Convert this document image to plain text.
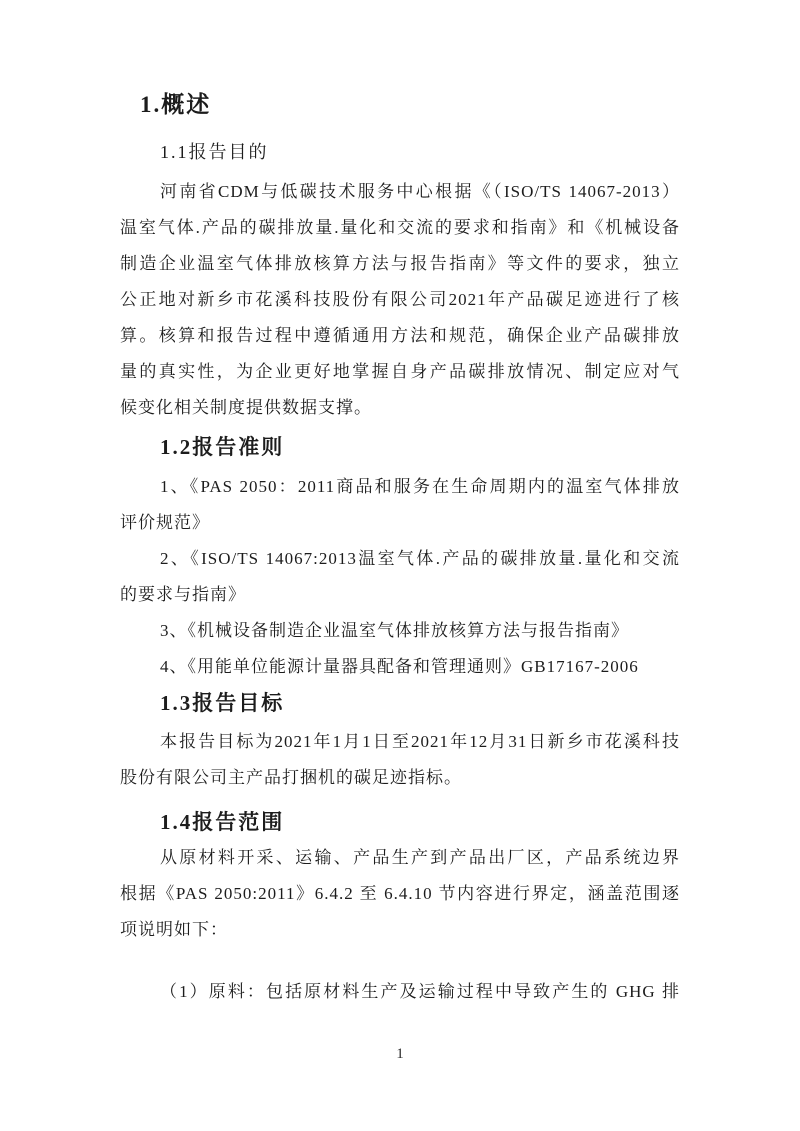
1.概述
1.1报告目的
河南省CDM与低碳技术服务中心根据《（ISO/TS 14067-2013）
温室气体.产品的碳排放量.量化和交流的要求和指南》和《机械设备
制造企业温室气体排放核算方法与报告指南》等文件的要求，独立
公正地对新乡市花溪科技股份有限公司2021年产品碳足迹进行了核
算。核算和报告过程中遵循通用方法和规范，确保企业产品碳排放
量的真实性，为企业更好地掌握自身产品碳排放情况、制定应对气
候变化相关制度提供数据支撑。
1.2报告准则
1、《PAS 2050：2011商品和服务在生命周期内的温室气体排放
评价规范》
2、《ISO/TS 14067:2013温室气体.产品的碳排放量.量化和交流
的要求与指南》
3、《机械设备制造企业温室气体排放核算方法与报告指南》
4、《用能单位能源计量器具配备和管理通则》GB17167-2006
1.3报告目标
本报告目标为2021年1月1日至2021年12月31日新乡市花溪科技
股份有限公司主产品打捆机的碳足迹指标。
1.4报告范围
从原材料开采、运输、产品生产到产品出厂区，产品系统边界
根据《PAS 2050:2011》6.4.2 至 6.4.10 节内容进行界定，涵盖范围逐
项说明如下：
（1）原料：包括原材料生产及运输过程中导致产生的 GHG 排
1
